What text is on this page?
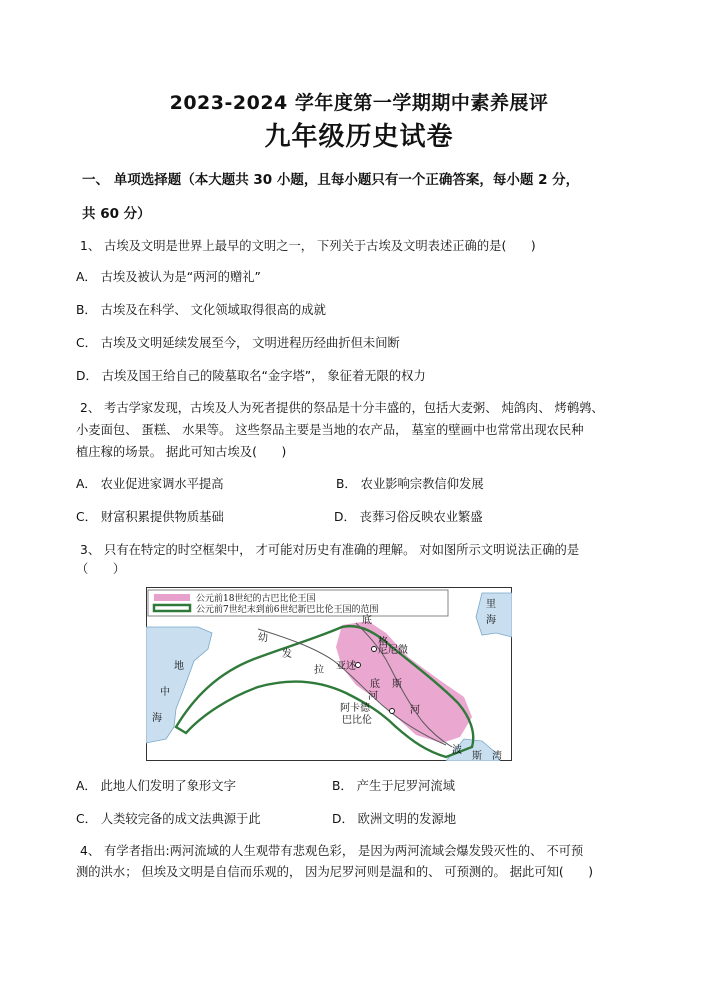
2023-2024 学年度第一学期期中素养展评
九年级历史试卷
一、 单项选择题（本大题共 30 小题，且每小题只有一个正确答案，每小题 2 分，
共 60 分）
1、 古埃及文明是世界上最早的文明之一， 下列关于古埃及文明表述正确的是(　　)
A． 古埃及被认为是“两河的赠礼”
B． 古埃及在科学、 文化领域取得很高的成就
C． 古埃及文明延续发展至今， 文明进程历经曲折但未间断
D． 古埃及国王给自己的陵墓取名“金字塔”， 象征着无限的权力
2、 考古学家发现，古埃及人为死者提供的祭品是十分丰盛的，包括大麦粥、 炖鸽肉、 烤鹌鹑、
小麦面包、 蛋糕、 水果等。 这些祭品主要是当地的农产品， 墓室的壁画中也常常出现农民种
植庄稼的场景。 据此可知古埃及(　　)
A． 农业促进家调水平提高	B． 农业影响宗教信仰发展
C． 财富积累提供物质基础	D． 丧葬习俗反映农业繁盛
3、 只有在特定的时空框架中， 才可能对历史有准确的理解。 对如图所示文明说法正确的是
（　　）
公元前18世纪的古巴比伦王国
公元前7世纪末到前6世纪新巴比伦王国的范围	里
海
地
中
海
幼
发
拉
底
格
尼尼微
亚述
底 斯
河
阿卡德	河
巴比伦
波
斯 湾
A． 此地人们发明了象形文字	B． 产生于尼罗河流域
C． 人类较完备的成文法典源于此	D． 欧洲文明的发源地
4、 有学者指出:两河流域的人生观带有悲观色彩， 是因为两河流域会爆发毁灭性的、 不可预
测的洪水； 但埃及文明是自信而乐观的， 因为尼罗河则是温和的、 可预测的。 据此可知(　　)
